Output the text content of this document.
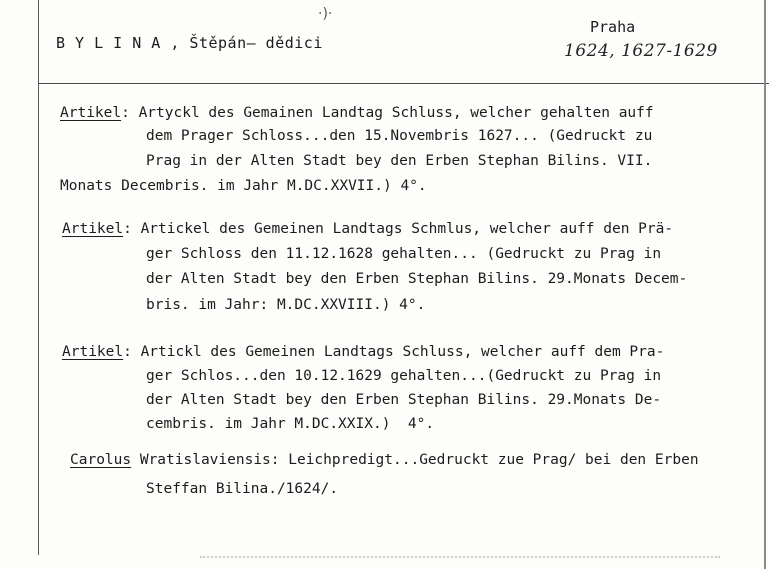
·)·
B Y L I N A , Štěpán— dědici
Praha
1624, 1627-1629
Artikel: Artyckl des Gemainen Landtag Schluss, welcher gehalten auff
dem Prager Schloss...den 15.Novembris 1627... (Gedruckt zu
Prag in der Alten Stadt bey den Erben Stephan Bilins. VII.
Monats Decembris. im Jahr M.DC.XXVII.) 4°.
Artikel: Artickel des Gemeinen Landtags Schmlus, welcher auff den Prä-
ger Schloss den 11.12.1628 gehalten... (Gedruckt zu Prag in
der Alten Stadt bey den Erben Stephan Bilins. 29.Monats Decem-
bris. im Jahr: M.DC.XXVIII.) 4°.
Artikel: Artickl des Gemeinen Landtags Schluss, welcher auff dem Pra-
ger Schlos...den 10.12.1629 gehalten...(Gedruckt zu Prag in
der Alten Stadt bey den Erben Stephan Bilins. 29.Monats De-
cembris. im Jahr M.DC.XXIX.)  4°.
Carolus Wratislaviensis: Leichpredigt...Gedruckt zue Prag/ bei den Erben
Steffan Bilina./1624/.
